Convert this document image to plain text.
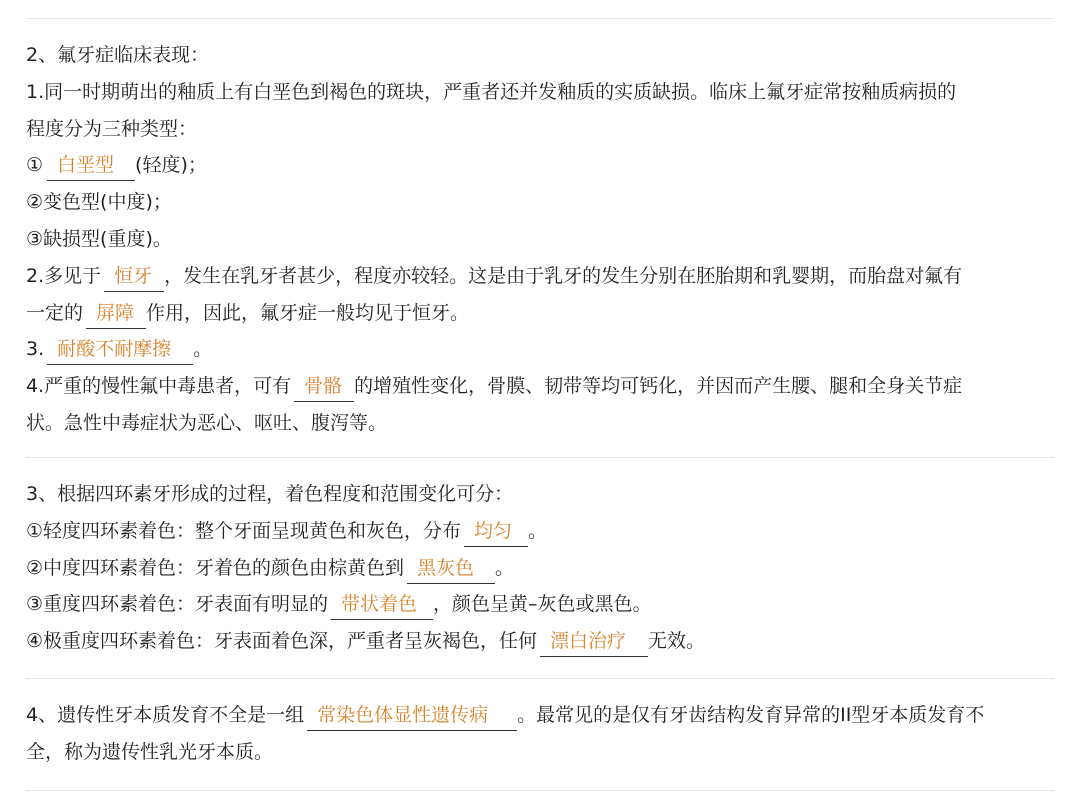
2、氟牙症临床表现：
1.同一时期萌出的釉质上有白垩色到褐色的斑块，严重者还并发釉质的实质缺损。临床上氟牙症常按釉质病损的
程度分为三种类型：
① 白垩型 (轻度)；
②变色型(中度)；
③缺损型(重度)。
2.多见于 恒牙 ，发生在乳牙者甚少，程度亦较轻。这是由于乳牙的发生分别在胚胎期和乳婴期，而胎盘对氟有
一定的 屏障 作用，因此，氟牙症一般均见于恒牙。
3. 耐酸不耐摩擦 。
4.严重的慢性氟中毒患者，可有 骨骼 的增殖性变化，骨膜、韧带等均可钙化，并因而产生腰、腿和全身关节症
状。急性中毒症状为恶心、呕吐、腹泻等。
3、根据四环素牙形成的过程，着色程度和范围变化可分：
①轻度四环素着色：整个牙面呈现黄色和灰色，分布 均匀 。
②中度四环素着色：牙着色的颜色由棕黄色到 黑灰色 。
③重度四环素着色：牙表面有明显的 带状着色 ，颜色呈黄–灰色或黑色。
④极重度四环素着色：牙表面着色深，严重者呈灰褐色，任何 漂白治疗 无效。
4、遗传性牙本质发育不全是一组 常染色体显性遗传病 。最常见的是仅有牙齿结构发育异常的II型牙本质发育不
全，称为遗传性乳光牙本质。
